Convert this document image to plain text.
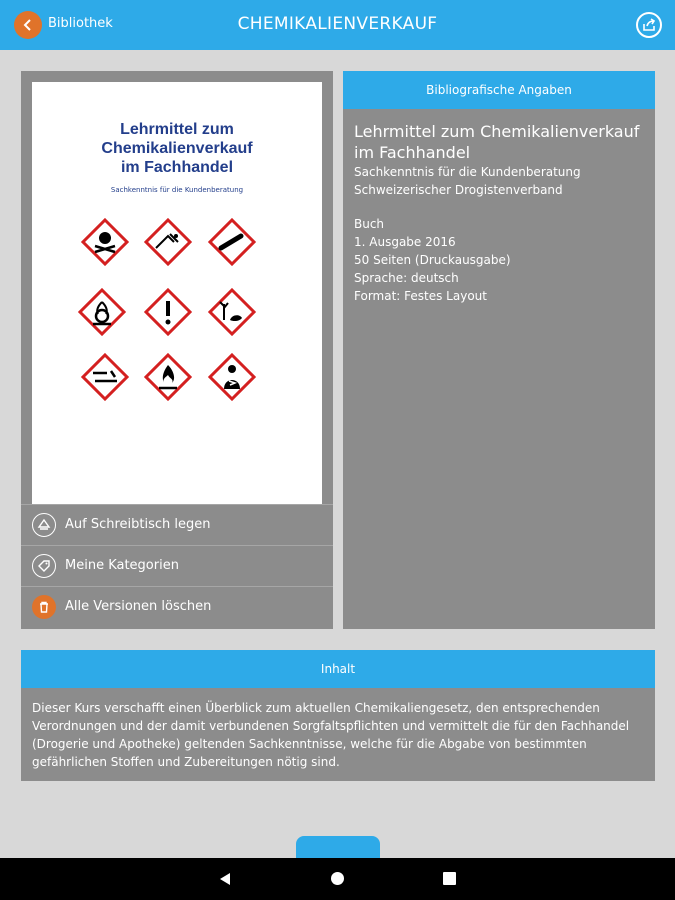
Bibliothek	CHEMIKALIENVERKAUF
Lehrmittel zum
Chemikalienverkauf
im Fachhandel
Sachkenntnis für die Kundenberatung
Auf Schreibtisch legen
Meine Kategorien
Alle Versionen löschen
Bibliografische Angaben
Lehrmittel zum Chemikalienverkauf im Fachhandel
Sachkenntnis für die Kundenberatung
Schweizerischer Drogistenverband
Buch
1. Ausgabe 2016
50 Seiten (Druckausgabe)
Sprache: deutsch
Format: Festes Layout
Inhalt
Dieser Kurs verschafft einen Überblick zum aktuellen Chemikaliengesetz, den entsprechenden Verordnungen und der damit verbundenen Sorgfaltspflichten und vermittelt die für den Fachhandel (Drogerie und Apotheke) geltenden Sachkenntnisse, welche für die Abgabe von bestimmten gefährlichen Stoffen und Zubereitungen nötig sind.
